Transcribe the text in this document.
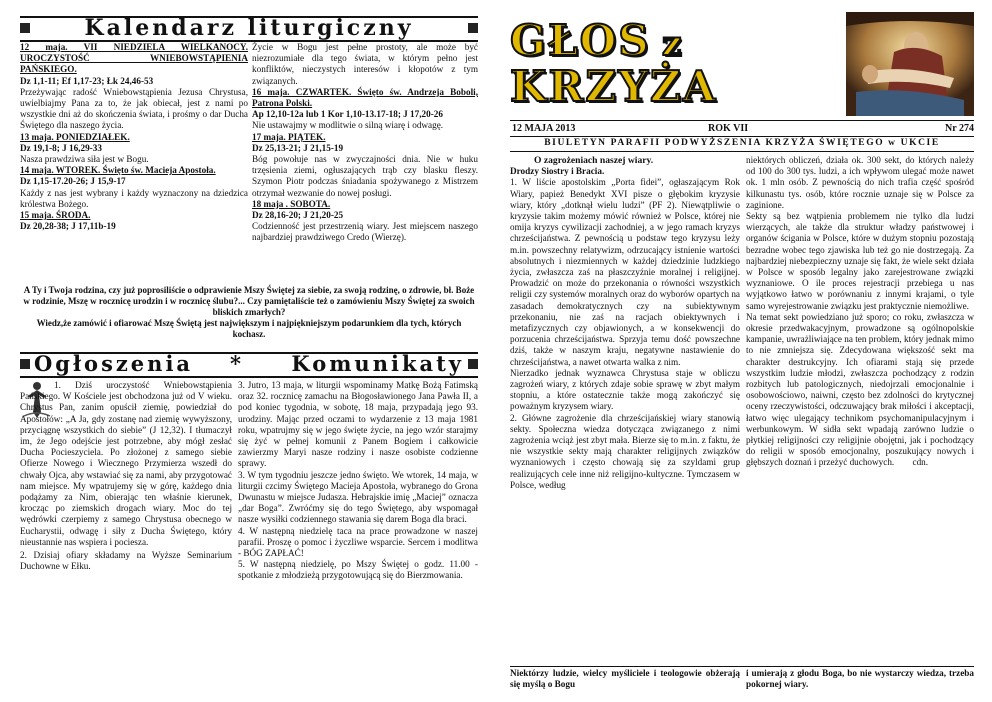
Kalendarz liturgiczny

12 maja. VII NIEDZIELA WIELKANOCY. UROCZYSTOŚĆ WNIEBOWSTĄPIENIA PAŃSKIEGO.

Dz 1,1-11; Ef 1,17-23; Łk 24,46-53

Przeżywając radość Wniebowstąpienia Jezusa Chrystusa, uwielbiajmy Pana za to, że jak obiecał, jest z nami po wszystkie dni aż do skończenia świata, i prośmy o dar Ducha Świętego dla naszego życia.

13 maja. PONIEDZIAŁEK.

Dz 19,1-8; J 16,29-33

Nasza prawdziwa siła jest w Bogu.

14 maja. WTOREK. Święto św. Macieja Apostoła.

Dz 1,15-17.20-26; J 15,9-17

Każdy z nas jest wybrany i każdy wyznaczony na dziedzica królestwa Bożego.

15 maja. ŚRODA.

Dz 20,28-38; J 17,11b-19

Życie w Bogu jest pełne prostoty, ale może być niezrozumiałe dla tego świata, w którym pełno jest konfliktów, nieczystych interesów i kłopotów z tym związanych.

16 maja. CZWARTEK. Święto św. Andrzeja Boboli, Patrona Polski.

Ap 12,10-12a lub 1 Kor 1,10-13.17-18; J 17,20-26

Nie ustawajmy w modlitwie o silną wiarę i odwagę.

17 maja. PIĄTEK.

Dz 25,13-21; J 21,15-19

Bóg powołuje nas w zwyczajności dnia. Nie w huku trzęsienia ziemi, ogłuszających trąb czy blasku fleszy. Szymon Piotr podczas śniadania spożywanego z Mistrzem otrzymał wezwanie do nowej posługi.

18 maja . SOBOTA.

Dz 28,16-20; J 21,20-25

Codzienność jest przestrzenią wiary. Jest miejscem naszego najbardziej prawdziwego Credo (Wierzę).

A Ty i Twoja rodzina, czy już poprosiliście o odprawienie Mszy Świętej za siebie, za swoją rodzinę, o zdrowie, bł. Boże w rodzinie, Mszę w rocznicę urodzin i w rocznicę ślubu?... Czy pamiętaliście też o zamówieniu Mszy Świętej za swoich bliskich zmarłych?

Wiedz,że zamówić i ofiarować Mszę Świętą jest największym i najpiękniejszym podarunkiem dla tych, których kochasz.

Ogłoszenia * Komunikaty

1. Dziś uroczystość Wniebowstąpienia Pańskiego. W Kościele jest obchodzona już od V wieku. Chrystus Pan, zanim opuścił ziemię, powiedział do Apostołów: „A Ja, gdy zostanę nad ziemię wywyższony, przyciągnę wszystkich do siebie” (J 12,32). I tłumaczył im, że Jego odejście jest potrzebne, aby mógł zesłać Ducha Pocieszyciela. Po złożonej z samego siebie Ofierze Nowego i Wiecznego Przymierza wszedł do chwały Ojca, aby wstawiać się za nami, aby przygotować nam miejsce. My wpatrujemy się w górę, każdego dnia podążamy za Nim, obierając ten właśnie kierunek, krocząc po ziemskich drogach wiary. Moc do tej wędrówki czerpiemy z samego Chrystusa obecnego w Eucharystii, odwagę i siły z Ducha Świętego, który nieustannie nas wspiera i pociesza.

2. Dzisiaj ofiary składamy na Wyższe Seminarium Duchowne w Ełku.

3. Jutro, 13 maja, w liturgii wspominamy Matkę Bożą Fatimską oraz 32. rocznicę zamachu na Błogosławionego Jana Pawła II, a pod koniec tygodnia, w sobotę, 18 maja, przypadają jego 93. urodziny. Mając przed oczami to wydarzenie z 13 maja 1981 roku, wpatrujmy się w jego święte życie, na jego wzór starajmy się żyć w pełnej komunii z Panem Bogiem i całkowicie zawierzmy Maryi nasze rodziny i nasze osobiste codzienne sprawy.

3. W tym tygodniu jeszcze jedno święto. We wtorek, 14 maja, w liturgii czcimy Świętego Macieja Apostoła, wybranego do Grona Dwunastu w miejsce Judasza. Hebrajskie imię „Maciej” oznacza „dar Boga”. Zwróćmy się do tego Świętego, aby wspomagał nasze wysiłki codziennego stawania się darem Boga dla braci.

4. W następną niedzielę taca na prace prowadzone w naszej parafii. Proszę o pomoc i życzliwe wsparcie. Sercem i modlitwa - BÓG ZAPŁAĆ!

5. W następną niedzielę, po Mszy Świętej o godz. 11.00 - spotkanie z młodzieżą przygotowującą się do Bierzmowania.

GŁOS z
KRZYŻA
12 MAJA 2013	ROK VII	Nr 274
BIULETYN PARAFII PODWYŻSZENIA KRZYŻA ŚWIĘTEGO w UKCIE

O zagrożeniach naszej wiary.

Drodzy Siostry i Bracia.

1. W liście apostolskim „Porta fidei”, ogłaszającym Rok Wiary, papież Benedykt XVI pisze o głębokim kryzysie wiary, który „dotknął wielu ludzi” (PF 2). Niewątpliwie o kryzysie takim możemy mówić również w Polsce, której nie omija kryzys cywilizacji zachodniej, a w jego ramach kryzys chrześcijaństwa. Z pewnością u podstaw tego kryzysu leży m.in. powszechny relatywizm, odrzucający istnienie wartości absolutnych i niezmiennych w każdej dziedzinie ludzkiego życia, zwłaszcza zaś na płaszczyźnie moralnej i religijnej. Prowadzić on może do przekonania o równości wszystkich religii czy systemów moralnych oraz do wyborów opartych na zasadach demokratycznych czy na subiektywnym przekonaniu, nie zaś na racjach obiektywnych i metafizycznych czy objawionych, a w konsekwencji do porzucenia chrześcijaństwa. Sprzyja temu dość powszechne dziś, także w naszym kraju, negatywne nastawienie do chrześcijaństwa, a nawet otwarta walka z nim.

Nierzadko jednak wyznawca Chrystusa staje w obliczu zagrożeń wiary, z których zdaje sobie sprawę w zbyt małym stopniu, a które ostatecznie także mogą zakończyć się poważnym kryzysem wiary.

2. Główne zagrożenie dla chrześcijańskiej wiary stanowią sekty. Społeczna wiedza dotycząca związanego z nimi zagrożenia wciąż jest zbyt mała. Bierze się to m.in. z faktu, że nie wszystkie sekty mają charakter religijnych związków wyznaniowych i często chowają się za szyldami grup realizujących cele inne niż religijno-kultyczne. Tymczasem w Polsce, według

niektórych obliczeń, działa ok. 300 sekt, do których należy od 100 do 300 tys. ludzi, a ich wpływom ulegać może nawet ok. 1 mln osób. Z pewnością do nich trafia część spośród kilkunastu tys. osób, które rocznie uznaje się w Polsce za zaginione.

Sekty są bez wątpienia problemem nie tylko dla ludzi wierzących, ale także dla struktur władzy państwowej i organów ścigania w Polsce, które w dużym stopniu pozostają bezradne wobec tego zjawiska lub też go nie dostrzegają. Za najbardziej niebezpieczny uznaje się fakt, że wiele sekt działa w Polsce w sposób legalny jako zarejestrowane związki wyznaniowe. O ile proces rejestracji przebiega u nas wyjątkowo łatwo w porównaniu z innymi krajami, o tyle samo wyrejestrowanie związku jest praktycznie niemożliwe.

Na temat sekt powiedziano już sporo; co roku, zwłaszcza w okresie przedwakacyjnym, prowadzone są ogólnopolskie kampanie, uwrażliwiające na ten problem, który jednak mimo to nie zmniejsza się. Zdecydowana większość sekt ma charakter destrukcyjny. Ich ofiarami stają się przede wszystkim ludzie młodzi, zwłaszcza pochodzący z rodzin rozbitych lub patologicznych, niedojrzali emocjonalnie i osobowościowo, naiwni, często bez zdolności do krytycznej oceny rzeczywistości, odczuwający brak miłości i akceptacji, łatwo więc ulegający technikom psychomanipulacyjnym i werbunkowym. W sidła sekt wpadają zarówno ludzie o płytkiej religijności czy religijnie obojętni, jak i pochodzący do religii w sposób emocjonalny, poszukujący nowych i głębszych doznań i przeżyć duchowych. cdn.

Niektórzy ludzie, wielcy myśliciele i teologowie obżerają się myślą o Bogu

i umierają z głodu Boga, bo nie wystarczy wiedza, trzeba pokornej wiary.
